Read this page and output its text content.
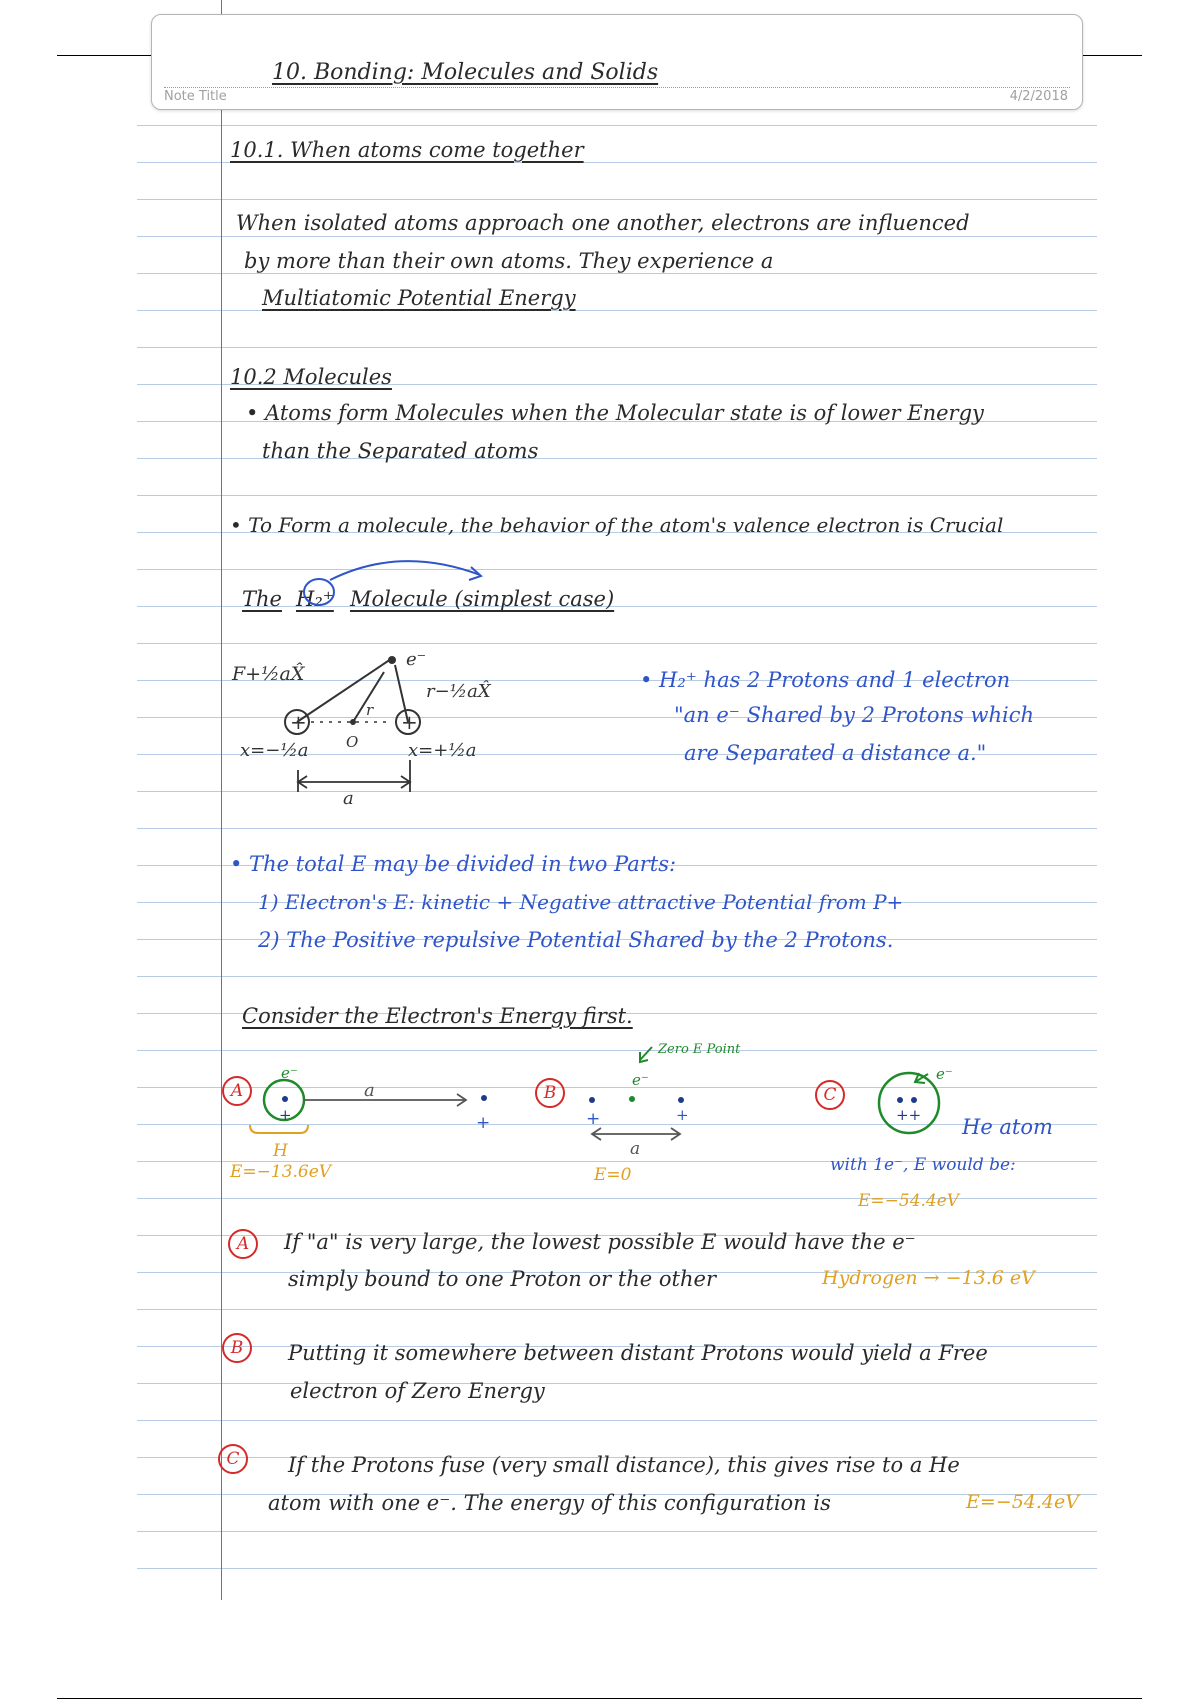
10. Bonding: Molecules and Solids
Note Title	4/2/2018
10.1. When atoms come together
When isolated atoms approach one another, electrons are influenced
by more than their own atoms. They experience a
Multiatomic Potential Energy
10.2 Molecules
• Atoms form Molecules when the Molecular state is of lower Energy
than the Separated atoms
• To Form a molecule, the behavior of the atom's valence electron is Crucial
The H₂⁺ Molecule (simplest case)
+	+
F+½aX̂
e⁻
r−½aX̂
r
O
x=−½a	x=+½a
a
• H₂⁺ has 2 Protons and 1 electron
"an e⁻ Shared by 2 Protons which
are Separated a distance a."
• The total E may be divided in two Parts:
1) Electron's E: kinetic + Negative attractive Potential from P+
2) The Positive repulsive Potential Shared by the 2 Protons.
Consider the Electron's Energy first.
A
e⁻
a
+	+
H
E=−13.6eV
B
Zero E Point
e⁻
+	+
a
E=0
C
e⁻
++ He atom
with 1e⁻, E would be:
E=−54.4eV
A	If "a" is very large, the lowest possible E would have the e⁻
simply bound to one Proton or the other	Hydrogen → −13.6 eV
B	Putting it somewhere between distant Protons would yield a Free
electron of Zero Energy
C	If the Protons fuse (very small distance), this gives rise to a He
atom with one e⁻. The energy of this configuration is	E=−54.4eV
